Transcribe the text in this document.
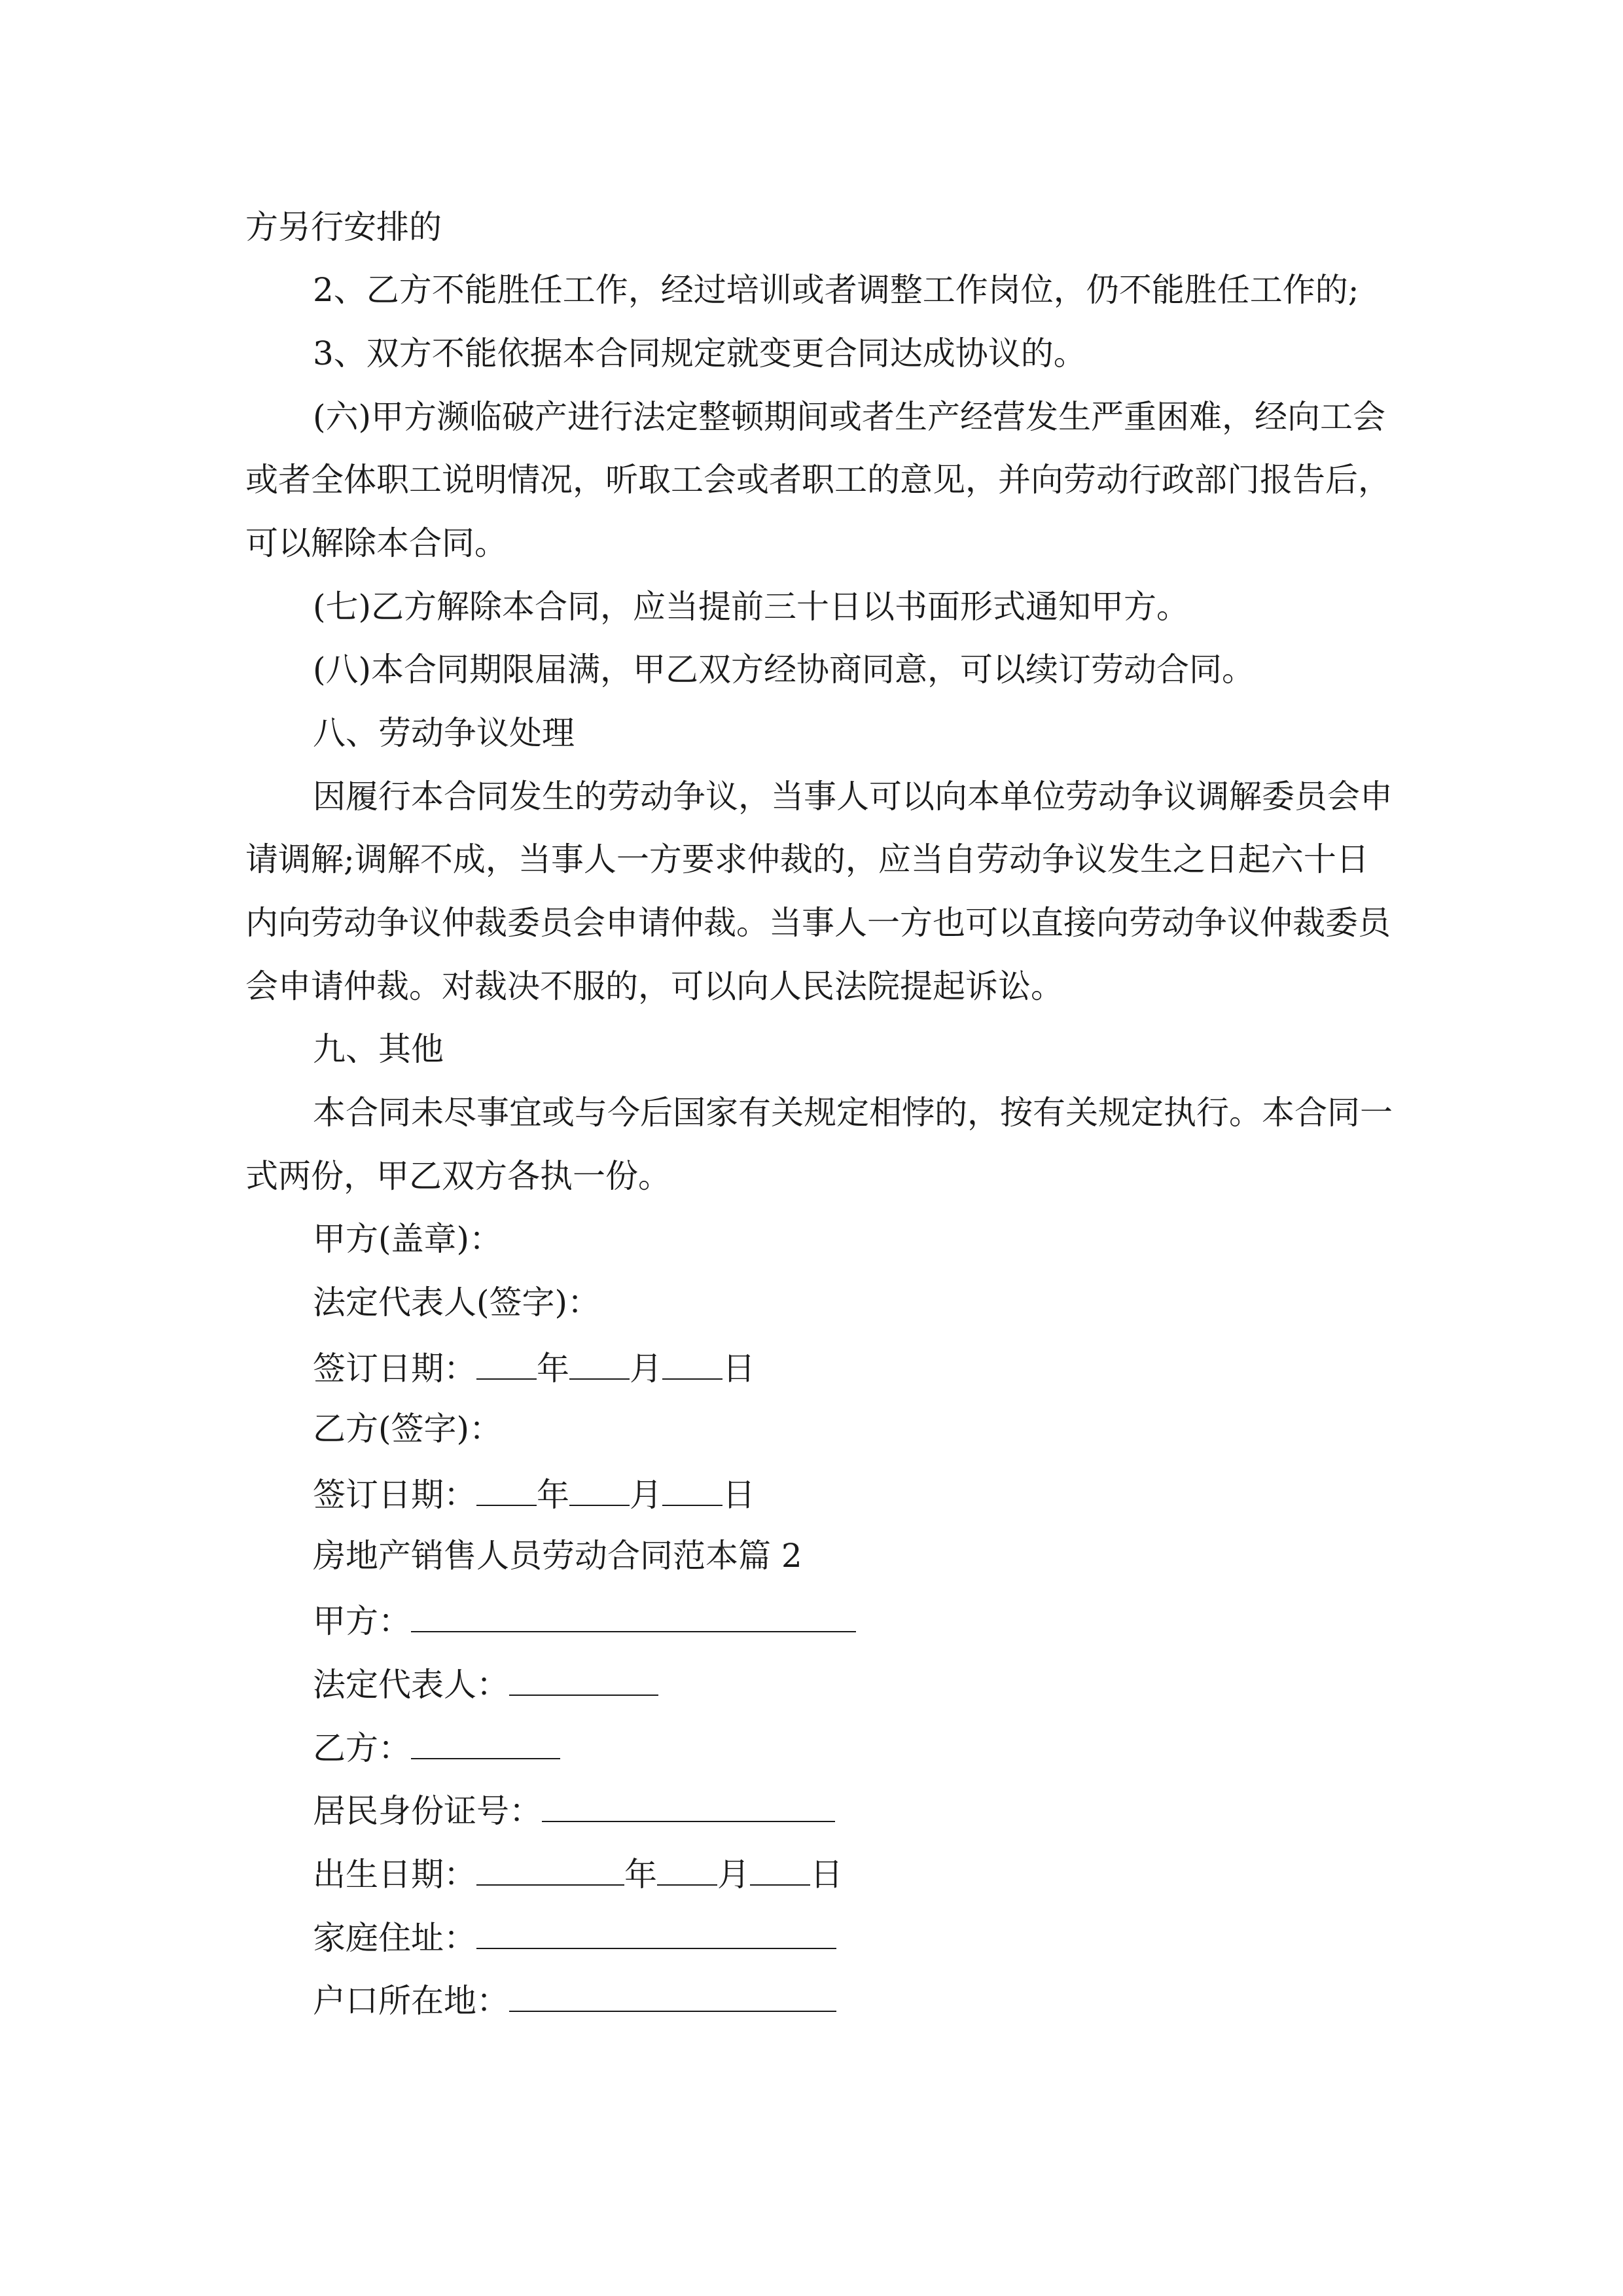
方另行安排的
2、乙方不能胜任工作，经过培训或者调整工作岗位，仍不能胜任工作的;
3、双方不能依据本合同规定就变更合同达成协议的。
(六)甲方濒临破产进行法定整顿期间或者生产经营发生严重困难，经向工会
或者全体职工说明情况，听取工会或者职工的意见，并向劳动行政部门报告后，
可以解除本合同。
(七)乙方解除本合同，应当提前三十日以书面形式通知甲方。
(八)本合同期限届满，甲乙双方经协商同意，可以续订劳动合同。
八、劳动争议处理
因履行本合同发生的劳动争议，当事人可以向本单位劳动争议调解委员会申
请调解;调解不成，当事人一方要求仲裁的，应当自劳动争议发生之日起六十日
内向劳动争议仲裁委员会申请仲裁。当事人一方也可以直接向劳动争议仲裁委员
会申请仲裁。对裁决不服的，可以向人民法院提起诉讼。
九、其他
本合同未尽事宜或与今后国家有关规定相悖的，按有关规定执行。本合同一
式两份，甲乙双方各执一份。
甲方(盖章)：
法定代表人(签字)：
签订日期： 年 月 日
乙方(签字)：
签订日期： 年 月 日
房地产销售人员劳动合同范本篇 2
甲方：
法定代表人：
乙方：
居民身份证号：
出生日期：	年 月 日
家庭住址：
户口所在地：
